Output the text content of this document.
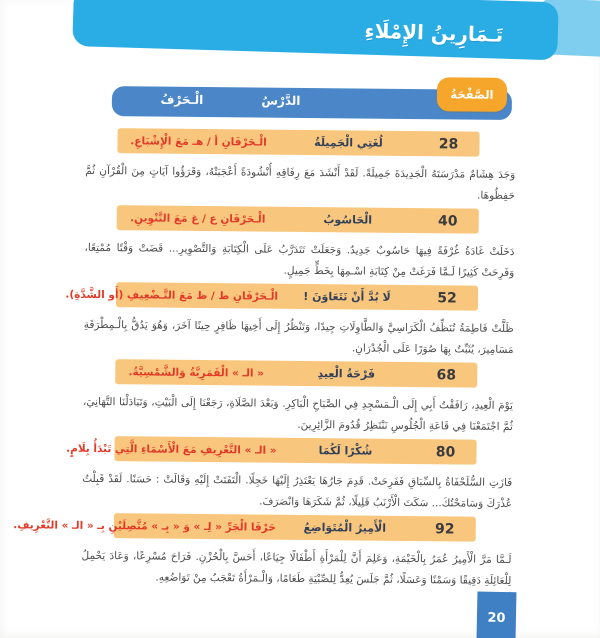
تَـمَارِينُ الإِمْلَاءِ
الْـحَرْفُ	الدَّرْسُ	الصَّفْحَةُ
28
لُغَتِي الْجَمِيلَةُ
الْـحَرْفَانِ أ / هـ مَعَ الْإِشْبَاعِ.

وَجَدَ هِشَامٌ مَدْرَسَتَهُ الْجَدِيدَةَ جَمِيلَةً. لَقَدْ أَنْشَدَ مَعَ رِفَاقِهِ أُنْشُودَةً أَعْجَبَتْهُ، وَقَرَؤُوا آيَاتٍ مِنَ الْقُرْآنِ ثُمَّ حَفِظُوهَا.

40
الْحَاسُوبُ
الْـحَرْفَانِ ع / غ مَعَ التَّنْوِينِ.

دَخَلَتْ غَادَةُ غُرْفَةً فِيهَا حَاسُوبٌ جَدِيدٌ. وَجَعَلَتْ تَتَدَرَّبُ عَلَى الْكِتَابَةِ وَالتَّصْوِيرِ... قَضَتْ وَقْتًا مُمْتِعًا، وَفَرِحَتْ كَثِيرًا لَـمَّا فَرَغَتْ مِنْ كِتَابَةِ اسْـمِهَا بِخَطٍّ جَمِيلٍ.

52
لَا بُدَّ أَنْ نَتَعَاوَنَ !
الْـحَرْفَانِ ط / ظ مَعَ التَّـضْعِيفِ (أَو الشَّدَّةِ).

ظَلَّتْ فَاطِمَةُ تُنَظِّفُ الْكَرَاسِيَّ وَالطَّاوِلَاتِ جِيدًا، وَتَنْظُرُ إِلَى أَخِيهَا ظَافِرٍ حِينًا آخَرَ، وَهُوَ يَدُقُّ بِالْـمِطْرَقَةِ مَسَامِيرَ، يُثَبِّتُ بِهَا صُوَرًا عَلَى الْجُدْرَانِ.

68
فَرْحَةُ الْعِيدِ
« الـ » الْقَمَرِيَّةُ وَالشَّمْسِيَّةُ.

يَوْمَ الْعِيدِ، رَافَقْتُ أَبِي إِلَى الْـمَسْجِدِ فِي الصَّبَاحِ الْبَاكِرِ. وَبَعْدَ الصَّلَاةِ، رَجَعْنَا إِلَى الْبَيْتِ، وَتَبَادَلْنَا التَّهَانِيَ، ثُمَّ اجْتَمَعْنَا فِي قَاعَةِ الْجُلُوسِ نَنْتَظِرُ قُدُومَ الزَّائِرِينَ.

80
شُكْرًا لَكُمَا
« الـ » التَّعْرِيفِ مَعَ الْأَسْمَاءِ الَّتِي تَبْدَأُ بِلَامٍ.

فَازَتِ السُّلَحْفَاةُ بِالسِّبَاقِ فَفَرِحَتْ. قَدِمَ جَارُهَا يَعْتَذِرُ إِلَيْهَا خَجِلًا. الْتَفَتَتْ إِلَيْهِ وَقَالَتْ : حَسَنًا. لَقَدْ قَبِلْتُ عُذْرَكَ وَسَامَحْتُكَ... سَكَتَ الْأَرْنَبُ قَلِيلًا، ثُمَّ شَكَرَهَا وَانْصَرَفَ.

92
الْأَمِيرُ الْمُتَوَاضِعُ
حَرْفَا الْجَرِّ « لِـ » وَ « بِـ » مُتَّصِلَيْنِ بِـ « الـ » التَّعْرِيفِ.

لَـمَّا مَرَّ الْأَمِيرُ عُمَرُ بِالْخَيْمَةِ، وَعَلِمَ أَنَّ لِلْمَرْأَةِ أَطْفَالًا جِيَاعًا، أَحَسَّ بِالْحُزْنِ. فَرَاحَ مُسْرِعًا، وَعَادَ يَحْمِلُ لِلْعَائِلَةِ دَقِيقًا وَسَمْنًا وَعَسَلًا، ثُمَّ جَلَسَ يُعِدُّ لِلصِّبْيَةِ طَعَامًا، وَالْـمَرْأَةُ تَعْجَبُ مِنْ تَوَاضُعِهِ.

20
